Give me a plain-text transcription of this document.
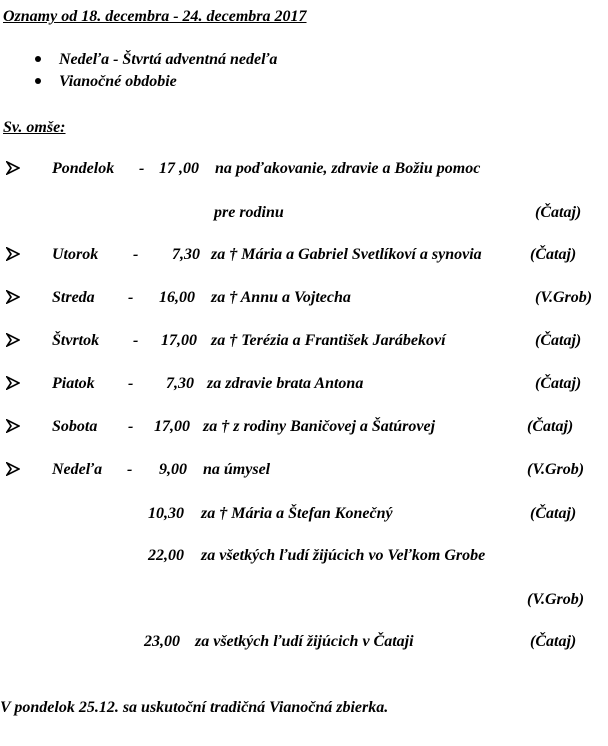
Oznamy od 18. decembra - 24. decembra 2017
Nedeľa - Štvrtá adventná nedeľa
Vianočné obdobie
Sv. omše:
Pondelok - 17 ,00 na poďakovanie, zdravie a Božiu pomoc
pre rodinu	(Čataj)
Utorok - 7,30 za † Mária a Gabriel Svetlíkoví a synovia	(Čataj)
Streda - 16,00 za † Annu a Vojtecha	(V.Grob)
Štvrtok - 17,00 za † Terézia a František Jarábekoví	(Čataj)
Piatok - 7,30 za zdravie brata Antona	(Čataj)
Sobota - 17,00 za † z rodiny Baničovej a Šatúrovej	(Čataj)
Nedeľa - 9,00 na úmysel	(V.Grob)
10,30 za † Mária a Štefan Konečný	(Čataj)
22,00 za všetkých ľudí žijúcich vo Veľkom Grobe
(V.Grob)
23,00 za všetkých ľudí žijúcich v Čataji	(Čataj)
V pondelok 25.12. sa uskutoční tradičná Vianočná zbierka.
